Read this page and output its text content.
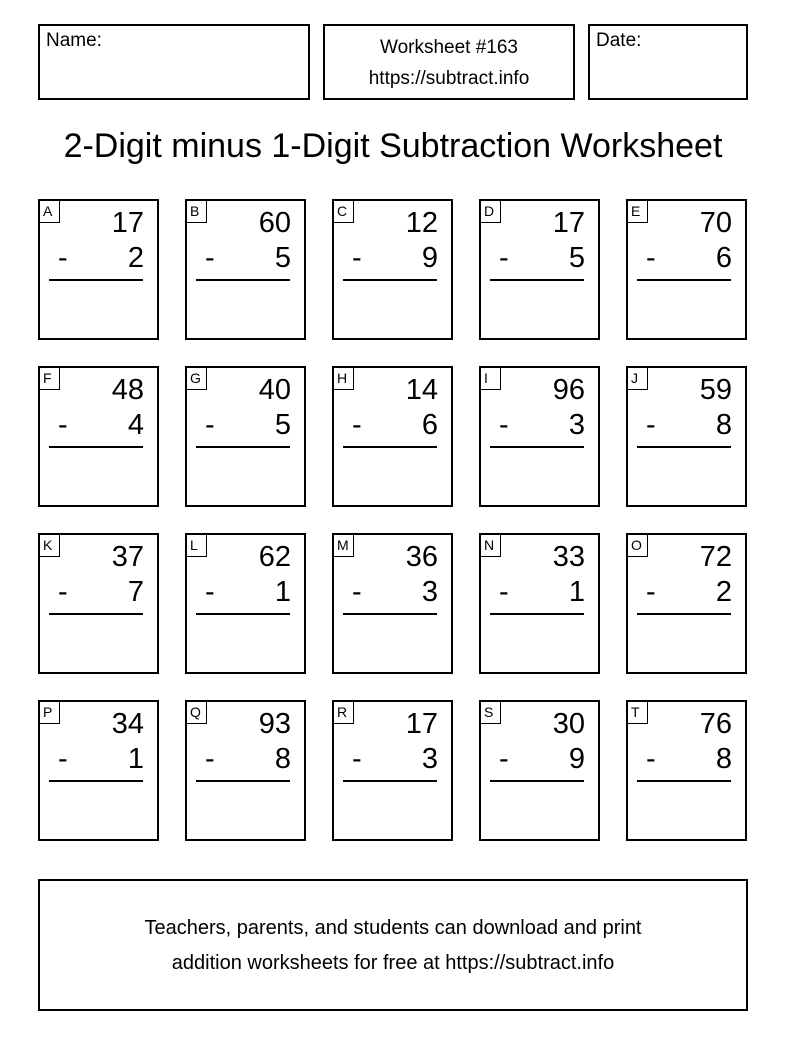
Name:	Worksheet #163
https://subtract.info
Date:
2-Digit minus 1-Digit Subtraction Worksheet
A 17
- 2
B 60
- 5
C 12
- 9
D 17
- 5
E 70
- 6
F 48
- 4
G 40
- 5
H 14
- 6
I	96
- 3
J	59
- 8
K 37
- 7
L	62
- 1
M 36
- 3
N 33
- 1
O 72
- 2
P 34
- 1
Q 93
- 8
R 17
- 3
S 30
- 9
T 76
- 8
Teachers, parents, and students can download and print
addition worksheets for free at https://subtract.info
